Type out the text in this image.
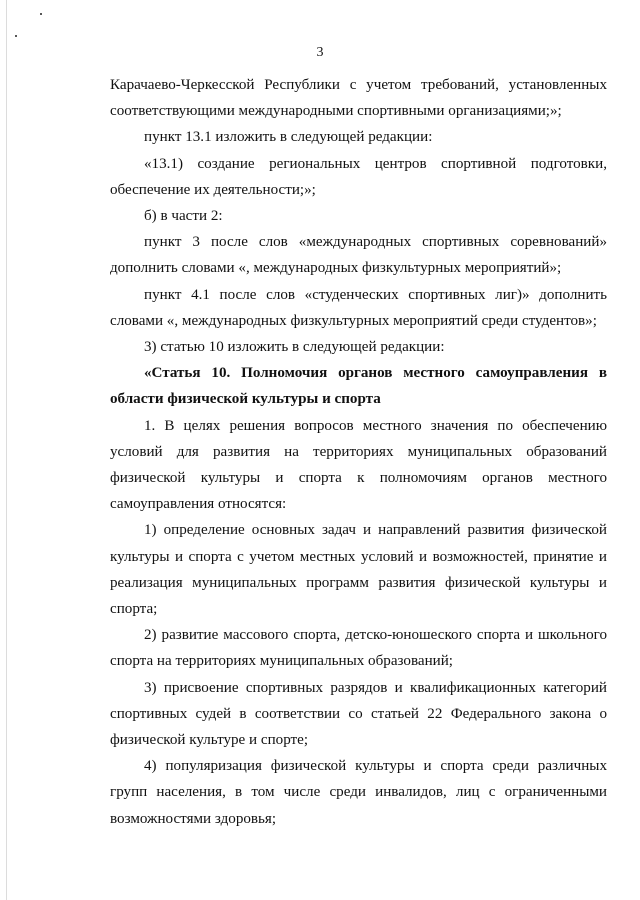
3

Карачаево-Черкесской Республики с учетом требований, установленных соответствующими международными спортивными организациями;»;

пункт 13.1 изложить в следующей редакции:

«13.1) создание региональных центров спортивной подготовки, обеспечение их деятельности;»;

б) в части 2:

пункт 3 после слов «международных спортивных соревнований» дополнить словами «, международных физкультурных мероприятий»;

пункт 4.1 после слов «студенческих спортивных лиг)» дополнить словами «, международных физкультурных мероприятий среди студентов»;

3) статью 10 изложить в следующей редакции:

«Статья 10. Полномочия органов местного самоуправления в области физической культуры и спорта

1. В целях решения вопросов местного значения по обеспечению условий для развития на территориях муниципальных образований физической культуры и спорта к полномочиям органов местного самоуправления относятся:

1) определение основных задач и направлений развития физической культуры и спорта с учетом местных условий и возможностей, принятие и реализация муниципальных программ развития физической культуры и спорта;

2) развитие массового спорта, детско-юношеского спорта и школьного спорта на территориях муниципальных образований;

3) присвоение спортивных разрядов и квалификационных категорий спортивных судей в соответствии со статьей 22 Федерального закона о физической культуре и спорте;

4) популяризация физической культуры и спорта среди различных групп населения, в том числе среди инвалидов, лиц с ограниченными возможностями здоровья;
